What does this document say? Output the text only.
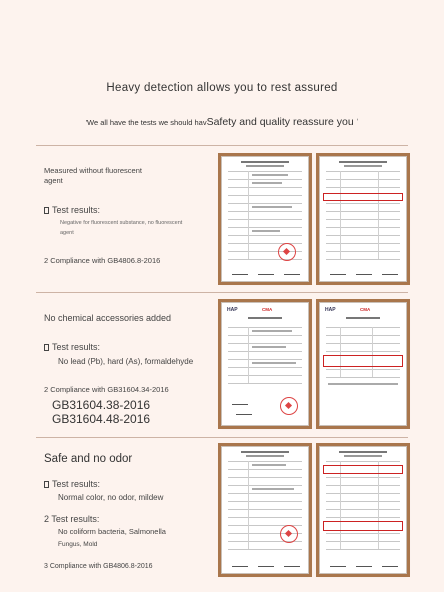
Heavy detection allows you to rest assured
'We all have the tests we should havSafety and quality reassure you ʼ
Measured without fluorescent agent
Test results:
Negative for fluorescent substance, no fluorescent agent
2 Compliance with GB4806.8-2016
No chemical accessories added
Test results:
No lead (Pb), hard (As), formaldehyde
2 Compliance with GB31604.34-2016
GB31604.38-2016
GB31604.48-2016
HAP	CMA	HAP	CMA
Safe and no odor
Test results:
Normal color, no odor, mildew
2 Test results:
No coliform bacteria, Salmonella
Fungus, Mold
3 Compliance with GB4806.8-2016
